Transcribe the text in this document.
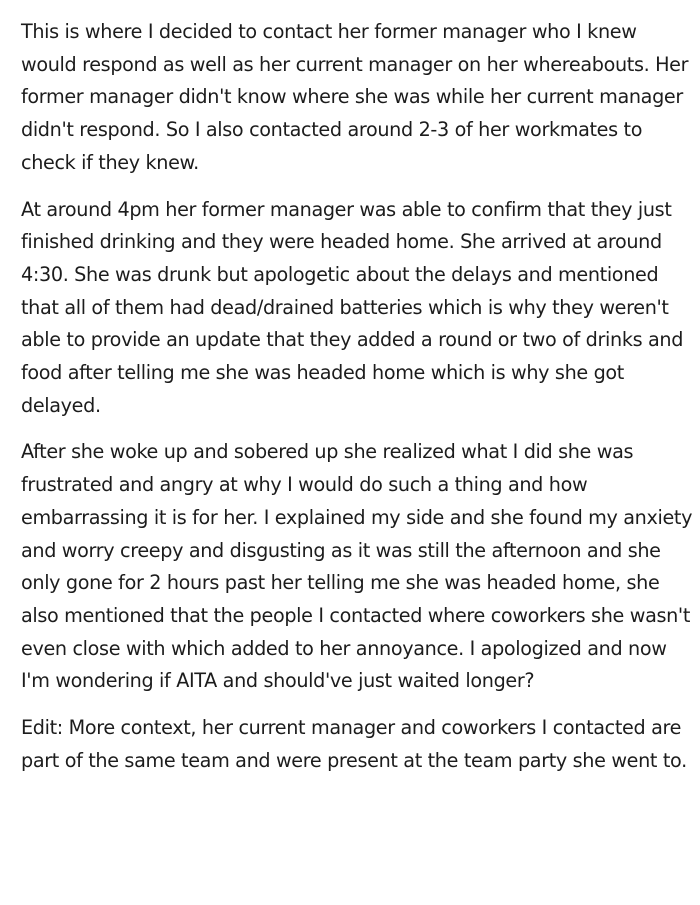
This is where I decided to contact her former manager who I knew would respond as well as her current manager on her whereabouts. Her former manager didn't know where she was while her current manager didn't respond. So I also contacted around 2-3 of her workmates to check if they knew.

At around 4pm her former manager was able to confirm that they just finished drinking and they were headed home. She arrived at around 4:30. She was drunk but apologetic about the delays and mentioned that all of them had dead/drained batteries which is why they weren't able to provide an update that they added a round or two of drinks and food after telling me she was headed home which is why she got delayed.

After she woke up and sobered up she realized what I did she was frustrated and angry at why I would do such a thing and how embarrassing it is for her. I explained my side and she found my anxiety and worry creepy and disgusting as it was still the afternoon and she only gone for 2 hours past her telling me she was headed home, she also mentioned that the people I contacted where coworkers she wasn't even close with which added to her annoyance. I apologized and now I'm wondering if AITA and should've just waited longer?

Edit: More context, her current manager and coworkers I contacted are part of the same team and were present at the team party she went to.
